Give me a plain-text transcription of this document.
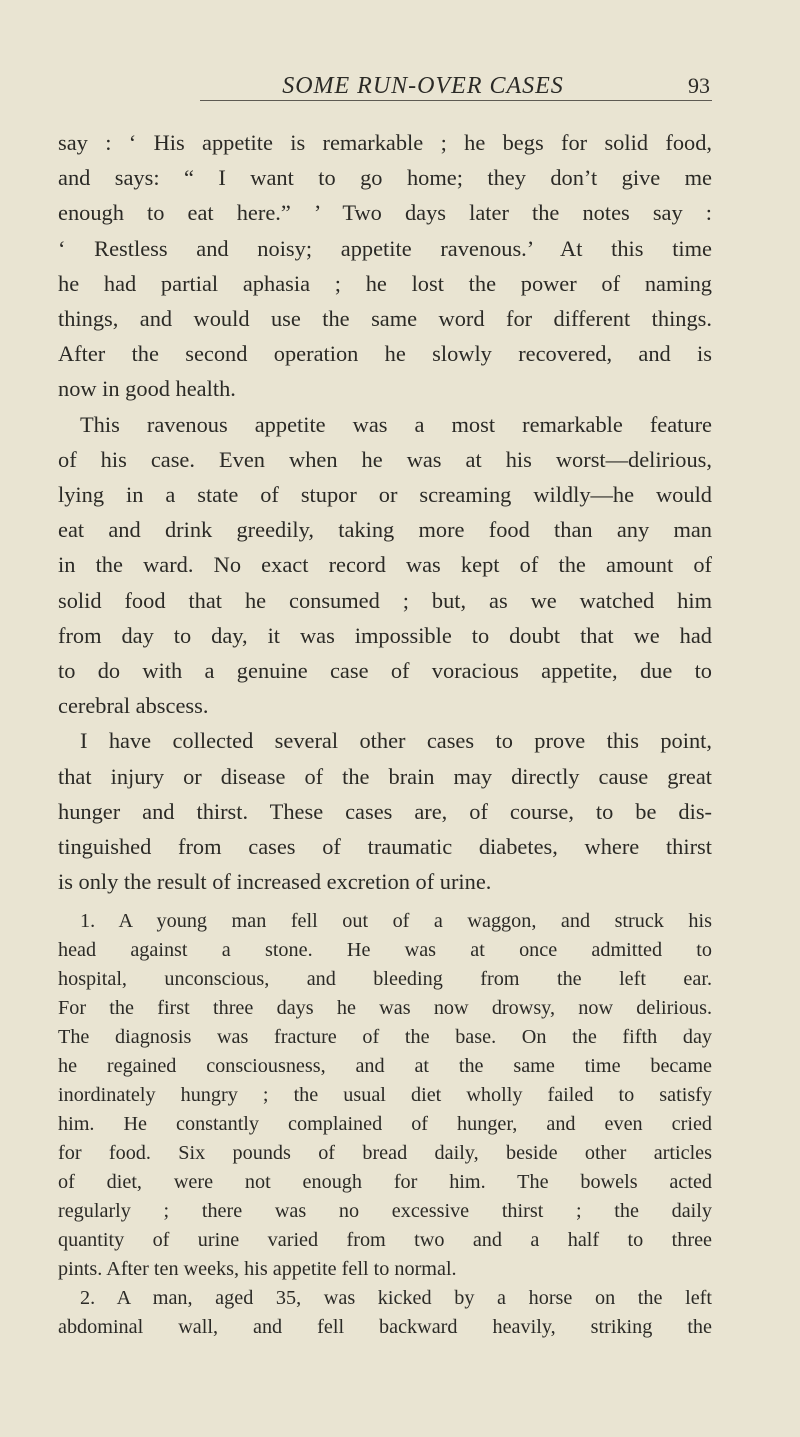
SOME RUN-OVER CASES	93

say : ‘ His appetite is remarkable ; he begs for solid food,

and says: “ I want to go home; they don’t give me

enough to eat here.” ’ Two days later the notes say :

‘ Restless and noisy; appetite ravenous.’ At this time

he had partial aphasia ; he lost the power of naming

things, and would use the same word for different things.

After the second operation he slowly recovered, and is

now in good health.

This ravenous appetite was a most remarkable feature

of his case. Even when he was at his worst—delirious,

lying in a state of stupor or screaming wildly—he would

eat and drink greedily, taking more food than any man

in the ward. No exact record was kept of the amount of

solid food that he consumed ; but, as we watched him

from day to day, it was impossible to doubt that we had

to do with a genuine case of voracious appetite, due to

cerebral abscess.

I have collected several other cases to prove this point,

that injury or disease of the brain may directly cause great

hunger and thirst. These cases are, of course, to be dis-

tinguished from cases of traumatic diabetes, where thirst

is only the result of increased excretion of urine.

1. A young man fell out of a waggon, and struck his

head against a stone. He was at once admitted to

hospital, unconscious, and bleeding from the left ear.

For the first three days he was now drowsy, now delirious.

The diagnosis was fracture of the base. On the fifth day

he regained consciousness, and at the same time became

inordinately hungry ; the usual diet wholly failed to satisfy

him. He constantly complained of hunger, and even cried

for food. Six pounds of bread daily, beside other articles

of diet, were not enough for him. The bowels acted

regularly ; there was no excessive thirst ; the daily

quantity of urine varied from two and a half to three

pints. After ten weeks, his appetite fell to normal.

2. A man, aged 35, was kicked by a horse on the left

abdominal wall, and fell backward heavily, striking the
